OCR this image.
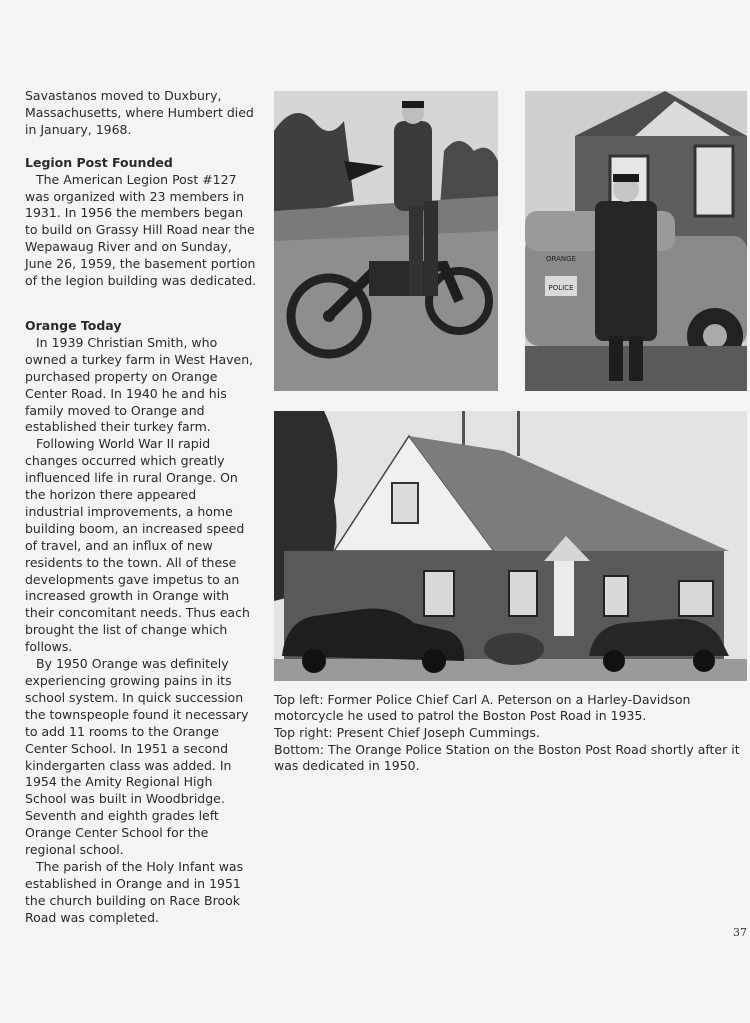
Savastanos moved to Duxbury, Massachusetts, where Humbert died in January, 1968.

Legion Post Founded

The American Legion Post #127 was organized with 23 members in 1931. In 1956 the members began to build on Grassy Hill Road near the Wepawaug River and on Sunday, June 26, 1959, the basement portion of the legion building was dedicated.

Orange Today

In 1939 Christian Smith, who owned a turkey farm in West Haven, purchased property on Orange Center Road. In 1940 he and his family moved to Orange and established their turkey farm.

Following World War II rapid changes occurred which greatly influenced life in rural Orange. On the horizon there appeared industrial improvements, a home building boom, an increased speed of travel, and an influx of new residents to the town. All of these developments gave impetus to an increased growth in Orange with their concomitant needs. Thus each brought the list of change which follows.

By 1950 Orange was definitely experiencing growing pains in its school system. In quick succession the townspeople found it necessary to add 11 rooms to the Orange Center School. In 1951 a second kindergarten class was added. In 1954 the Amity Regional High School was built in Woodbridge. Seventh and eighth grades left Orange Center School for the regional school.

The parish of the Holy Infant was established in Orange and in 1951 the church building on Race Brook Road was completed.

ORANGE
POLICE

Top left: Former Police Chief Carl A. Peterson on a Harley-Davidson motorcycle he used to patrol the Boston Post Road in 1935.

Top right: Present Chief Joseph Cummings.

Bottom: The Orange Police Station on the Boston Post Road shortly after it was dedicated in 1950.

37
